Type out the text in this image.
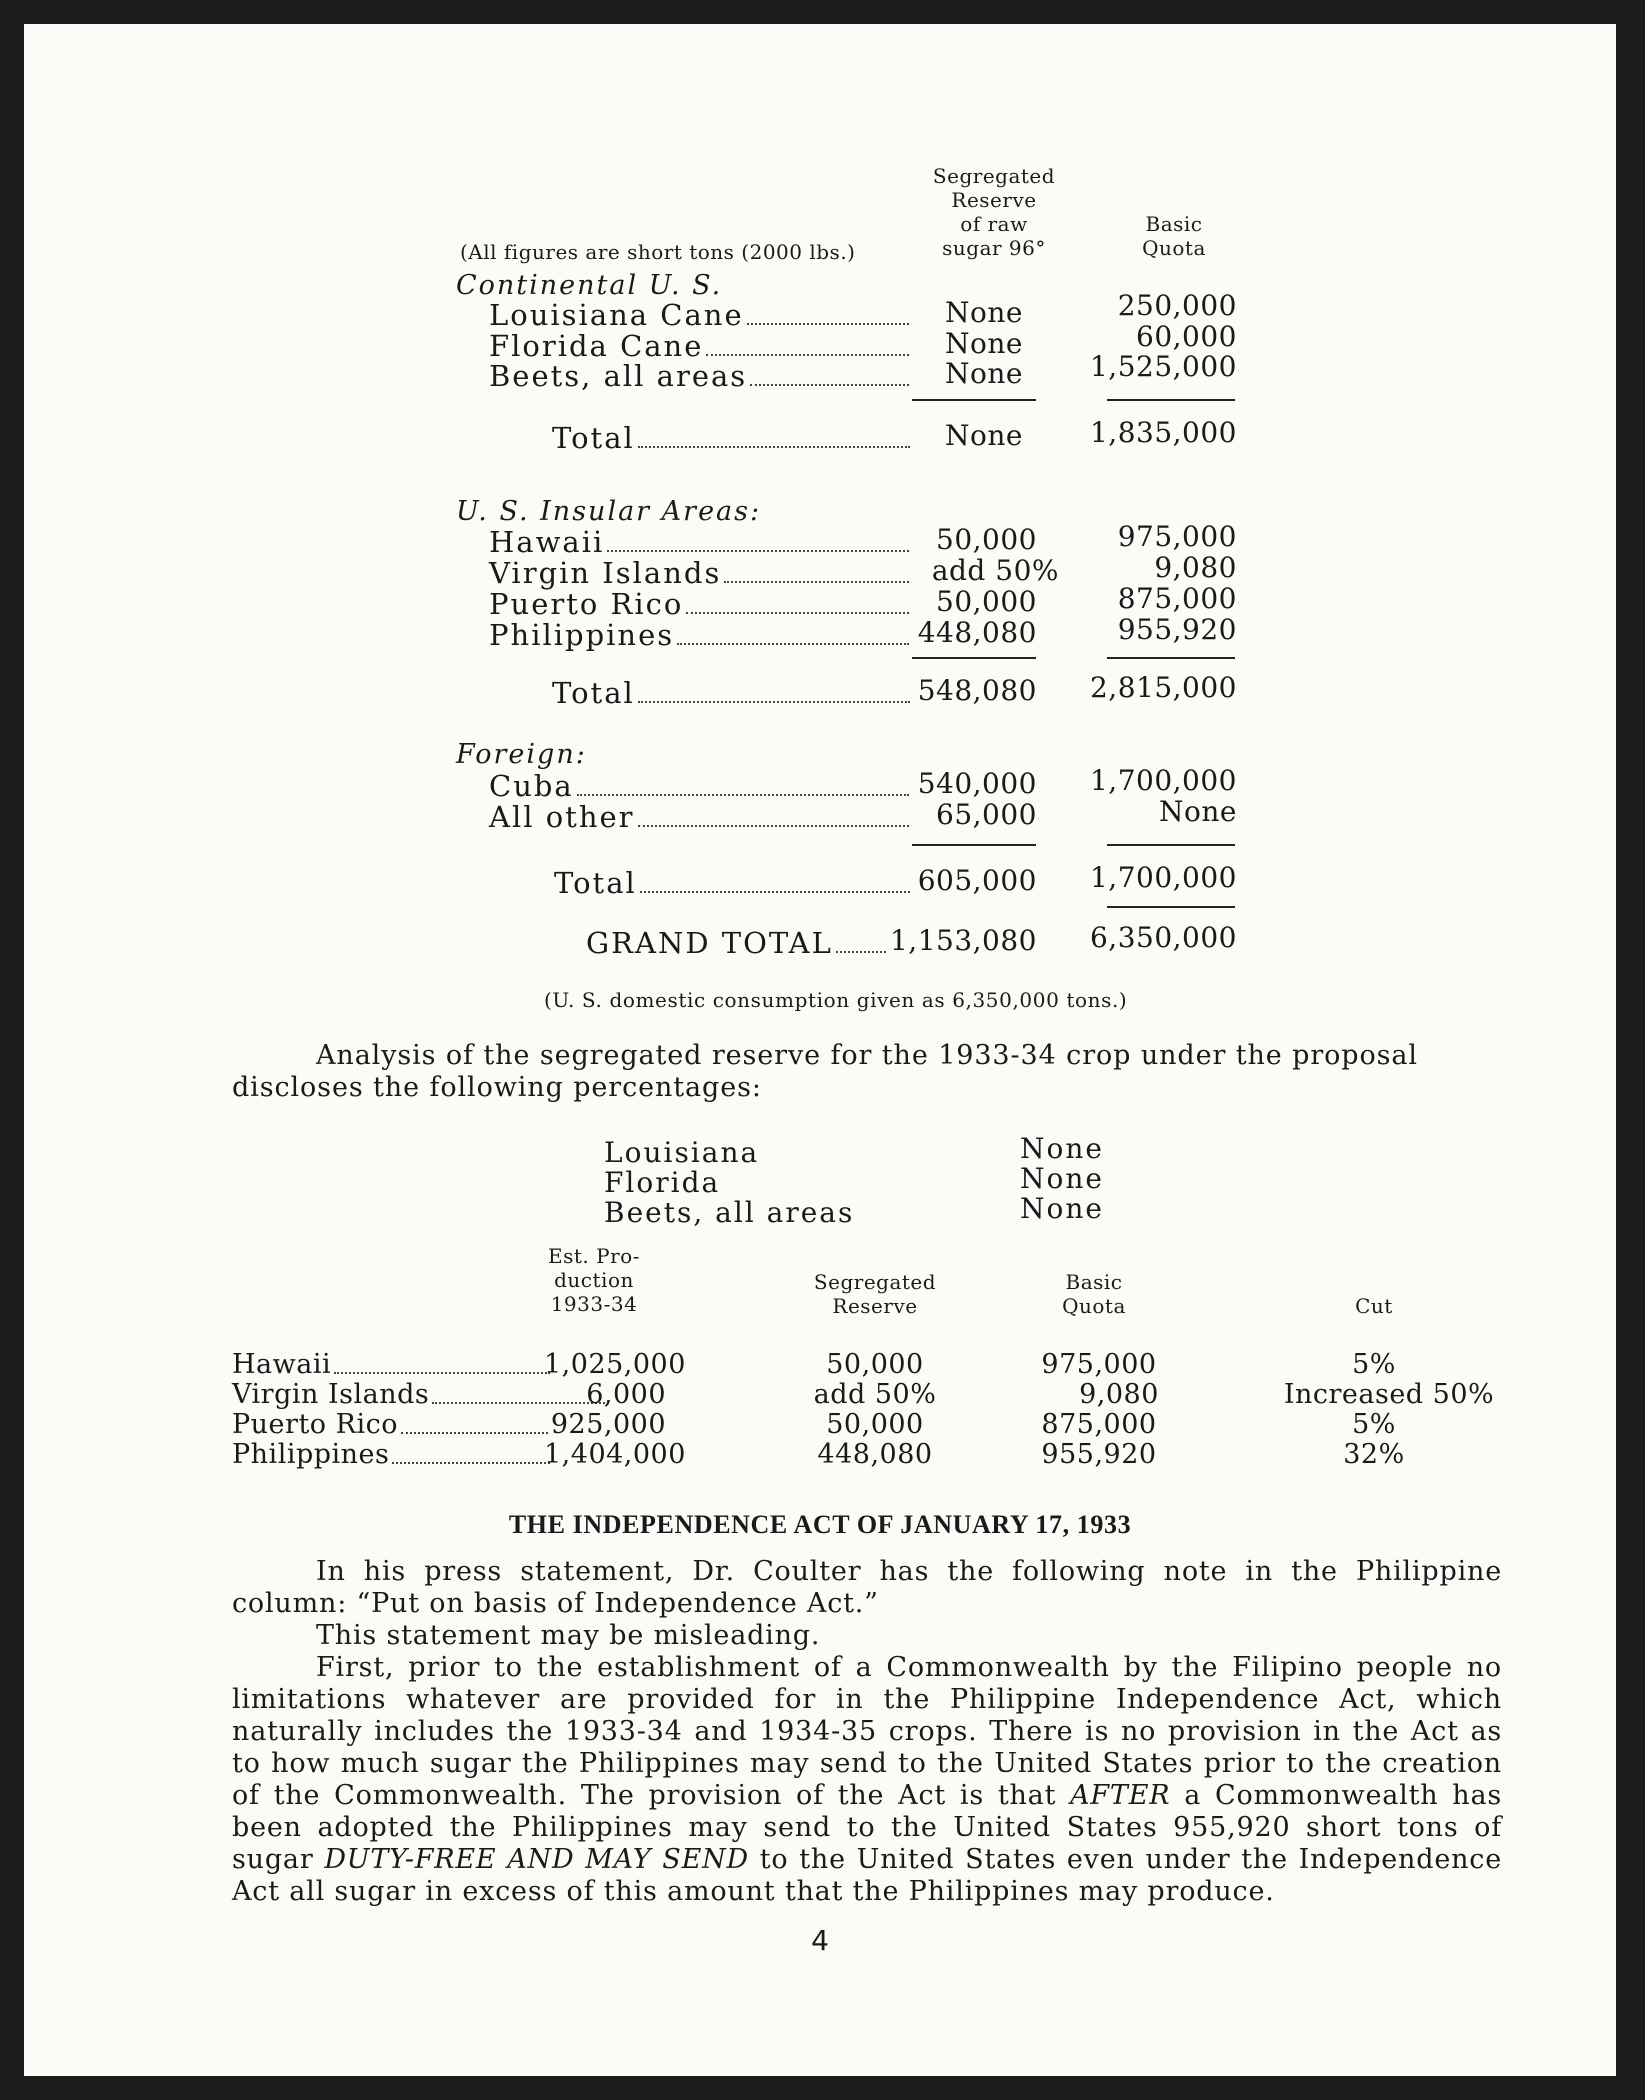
Segregated
Reserve
of raw
sugar 96°
Basic
Quota
(All figures are short tons (2000 lbs.)
Continental U. S.
Louisiana Cane	None	250,000
Florida Cane	None	60,000
Beets, all areas	None	1,525,000
Total	None	1,835,000
U. S. Insular Areas:
Hawaii	50,000	975,000
Virgin Islands	add 50%	9,080
Puerto Rico	50,000	875,000
Philippines	448,080	955,920
Total	548,080	2,815,000
Foreign:
Cuba	540,000	1,700,000
All other	65,000	None
Total	605,000	1,700,000
GRAND TOTAL 1,153,080	6,350,000
(U. S. domestic consumption given as 6,350,000 tons.)
Analysis of the segregated reserve for the 1933-34 crop under the proposal discloses the following percentages:
Louisiana	None
Florida	None
Beets, all areas	None
Est. Pro-
duction
1933-34
Segregated
Reserve
Basic
Quota	Cut
Hawaii	1,025,000	50,000	975,000	5%
Virgin Islands	6,000	add 50%	9,080	Increased 50%
Puerto Rico	925,000	50,000	875,000	5%
Philippines	1,404,000	448,080	955,920	32%
THE INDEPENDENCE ACT OF JANUARY 17, 1933

In his press statement, Dr. Coulter has the following note in the Philippine column: “Put on basis of Independence Act.”

This statement may be misleading.

First, prior to the establishment of a Commonwealth by the Filipino people no limitations whatever are provided for in the Philippine Independence Act, which naturally includes the 1933-34 and 1934-35 crops. There is no provision in the Act as to how much sugar the Philippines may send to the United States prior to the creation of the Commonwealth. The provision of the Act is that AFTER a Commonwealth has been adopted the Philippines may send to the United States 955,920 short tons of sugar DUTY-FREE AND MAY SEND to the United States even under the Independence Act all sugar in excess of this amount that the Philippines may produce.

4
